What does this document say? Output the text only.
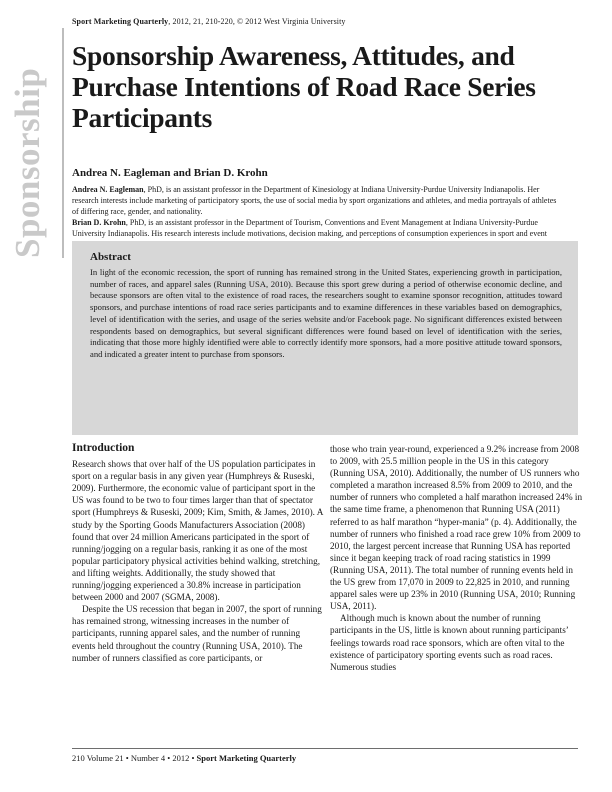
Sport Marketing Quarterly, 2012, 21, 210-220, © 2012 West Virginia University
Sponsorship
Sponsorship Awareness, Attitudes, and Purchase Intentions of Road Race Series Participants
Andrea N. Eagleman and Brian D. Krohn

Andrea N. Eagleman, PhD, is an assistant professor in the Department of Kinesiology at Indiana University-Purdue University Indianapolis. Her research interests include marketing of participatory sports, the use of social media by sport organizations and athletes, and media portrayals of athletes of differing race, gender, and nationality.

Brian D. Krohn, PhD, is an assistant professor in the Department of Tourism, Conventions and Event Management at Indiana University-Purdue University Indianapolis. His research interests include motivations, decision making, and perceptions of consumption experiences in sport and event

Abstract

In light of the economic recession, the sport of running has remained strong in the United States, experiencing growth in participation, number of races, and apparel sales (Running USA, 2010). Because this sport grew during a period of otherwise economic decline, and because sponsors are often vital to the existence of road races, the researchers sought to examine sponsor recognition, attitudes toward sponsors, and purchase intentions of road race series participants and to examine differences in these variables based on demographics, level of identification with the series, and usage of the series website and/or Facebook page. No significant differences existed between respondents based on demographics, but several significant differences were found based on level of identification with the series, indicating that those more highly identified were able to correctly identify more sponsors, had a more positive attitude toward sponsors, and indicated a greater intent to purchase from sponsors.

Introduction

Research shows that over half of the US population participates in sport on a regular basis in any given year (Humphreys & Ruseski, 2009). Furthermore, the economic value of participant sport in the US was found to be two to four times larger than that of spectator sport (Humphreys & Ruseski, 2009; Kim, Smith, & James, 2010). A study by the Sporting Goods Manufacturers Association (2008) found that over 24 million Americans participated in the sport of running/jogging on a regular basis, ranking it as one of the most popular participatory physical activities behind walking, stretching, and lifting weights. Additionally, the study showed that running/jogging experienced a 30.8% increase in participation between 2000 and 2007 (SGMA, 2008).

Despite the US recession that began in 2007, the sport of running has remained strong, witnessing increases in the number of participants, running apparel sales, and the number of running events held throughout the country (Running USA, 2010). The number of runners classified as core participants, or

those who train year-round, experienced a 9.2% increase from 2008 to 2009, with 25.5 million people in the US in this category (Running USA, 2010). Additionally, the number of US runners who completed a marathon increased 8.5% from 2009 to 2010, and the number of runners who completed a half marathon increased 24% in the same time frame, a phenomenon that Running USA (2011) referred to as half marathon “hyper-mania” (p. 4). Additionally, the number of runners who finished a road race grew 10% from 2009 to 2010, the largest percent increase that Running USA has reported since it began keeping track of road racing statistics in 1999 (Running USA, 2011). The total number of running events held in the US grew from 17,070 in 2009 to 22,825 in 2010, and running apparel sales were up 23% in 2010 (Running USA, 2010; Running USA, 2011).

Although much is known about the number of running participants in the US, little is known about running participants’ feelings towards road race sponsors, which are often vital to the existence of participatory sporting events such as road races. Numerous studies

210 Volume 21 • Number 4 • 2012 • Sport Marketing Quarterly
